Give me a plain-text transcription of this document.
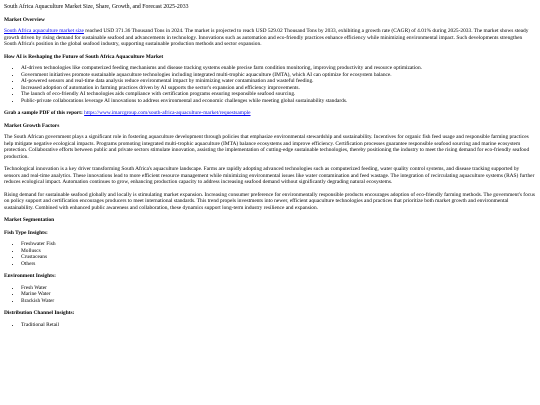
South Africa Aquaculture Market Size, Share, Growth, and Forecast 2025-2033
Market Overview

South Africa aquaculture market size reached USD 371.36 Thousand Tons in 2024. The market is projected to reach USD 529.02 Thousand Tons by 2033, exhibiting a growth rate (CAGR) of 4.01% during 2025-2033. The market shows steady growth driven by rising demand for sustainable seafood and advancements in technology. Innovations such as automation and eco-friendly practices enhance efficiency while minimizing environmental impact. Such developments strengthen South Africa's position in the global seafood industry, supporting sustainable production methods and sector expansion.

How AI is Reshaping the Future of South Africa Aquaculture Market
• AI-driven technologies like computerized feeding mechanisms and disease tracking systems enable precise farm condition monitoring, improving productivity and resource optimization.
• Government initiatives promote sustainable aquaculture technologies including integrated multi-trophic aquaculture (IMTA), which AI can optimize for ecosystem balance.
• AI-powered sensors and real-time data analysis reduce environmental impact by minimizing water contamination and wasteful feeding.
• Increased adoption of automation in farming practices driven by AI supports the sector's expansion and efficiency improvements.
• The launch of eco-friendly AI technologies aids compliance with certification programs ensuring responsible seafood sourcing.
• Public-private collaborations leverage AI innovations to address environmental and economic challenges while meeting global sustainability standards.

Grab a sample PDF of this report: https://www.imarcgroup.com/south-africa-aquaculture-market/requestsample

Market Growth Factors

The South African government plays a significant role in fostering aquaculture development through policies that emphasize environmental stewardship and sustainability. Incentives for organic fish feed usage and responsible farming practices help mitigate negative ecological impacts. Programs promoting integrated multi-trophic aquaculture (IMTA) balance ecosystems and improve efficiency. Certification processes guarantee responsible seafood sourcing and marine ecosystem protection. Collaborative efforts between public and private sectors stimulate innovation, assisting the implementation of cutting-edge sustainable technologies, thereby positioning the industry to meet the rising demand for eco-friendly seafood production.

Technological innovation is a key driver transforming South Africa's aquaculture landscape. Farms are rapidly adopting advanced technologies such as computerized feeding, water quality control systems, and disease tracking supported by sensors and real-time analytics. These innovations lead to more efficient resource management while minimizing environmental issues like water contamination and feed wastage. The integration of recirculating aquaculture systems (RAS) further reduces ecological impact. Automation continues to grow, enhancing production capacity to address increasing seafood demand without significantly degrading natural ecosystems.

Rising demand for sustainable seafood globally and locally is stimulating market expansion. Increasing consumer preference for environmentally responsible products encourages adoption of eco-friendly farming methods. The government's focus on policy support and certification encourages producers to meet international standards. This trend propels investments into newer, efficient aquaculture technologies and practices that prioritize both market growth and environmental sustainability. Combined with enhanced public awareness and collaboration, these dynamics support long-term industry resilience and expansion.

Market Segmentation
Fish Type Insights:
• Freshwater Fish
• Molluscs
• Crustaceans
• Others
Environment Insights:
• Fresh Water
• Marine Water
• Brackish Water
Distribution Channel Insights:
• Traditional Retail
